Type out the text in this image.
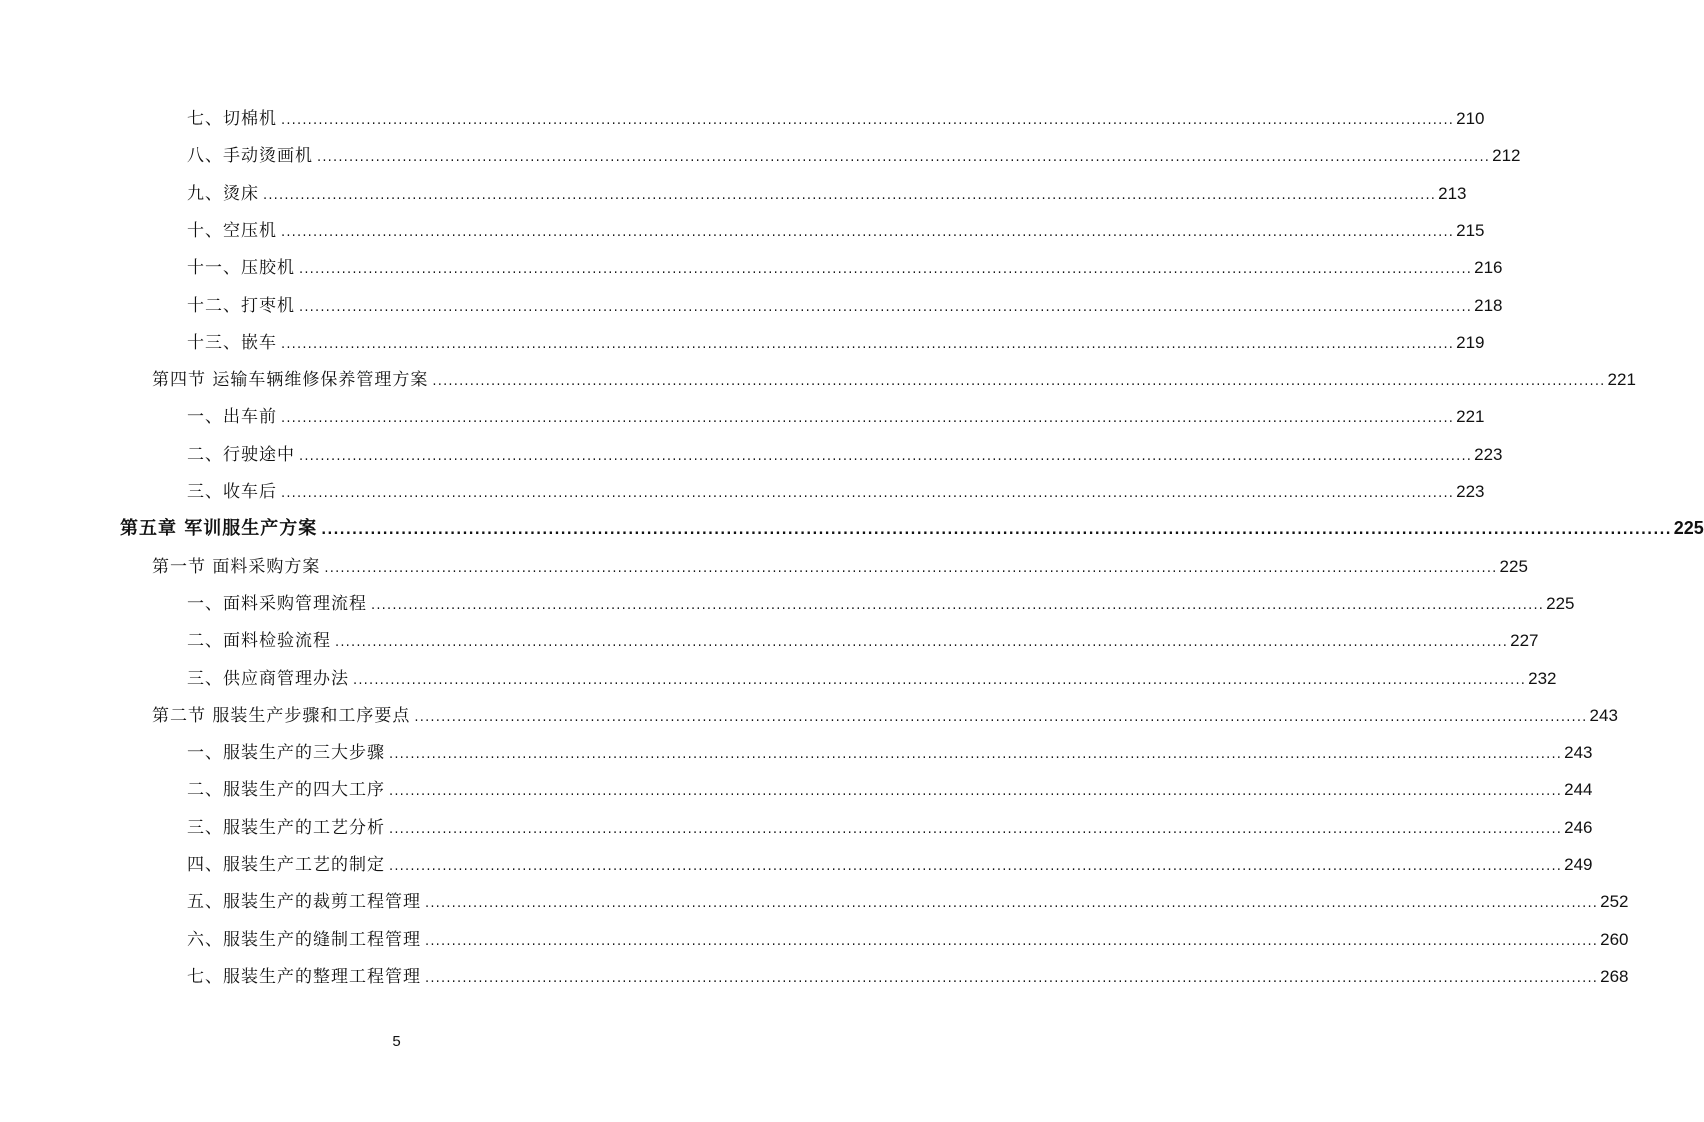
七、切棉机 ............................................................................................................................................................................................................................ 210
八、手动烫画机 ............................................................................................................................................................................................................................ 212
九、烫床 ............................................................................................................................................................................................................................ 213
十、空压机 ............................................................................................................................................................................................................................ 215
十一、压胶机 ............................................................................................................................................................................................................................ 216
十二、打枣机 ............................................................................................................................................................................................................................ 218
十三、嵌车 ............................................................................................................................................................................................................................ 219
第四节 运输车辆维修保养管理方案 ............................................................................................................................................................................................................................ 221
一、出车前 ............................................................................................................................................................................................................................ 221
二、行驶途中 ............................................................................................................................................................................................................................ 223
三、收车后 ............................................................................................................................................................................................................................ 223
第五章 军训服生产方案 ............................................................................................................................................................................................................................ 225
第一节 面料采购方案 ............................................................................................................................................................................................................................ 225
一、面料采购管理流程 ............................................................................................................................................................................................................................ 225
二、面料检验流程 ............................................................................................................................................................................................................................ 227
三、供应商管理办法 ............................................................................................................................................................................................................................ 232
第二节 服装生产步骤和工序要点 ............................................................................................................................................................................................................................ 243
一、服装生产的三大步骤 ............................................................................................................................................................................................................................ 243
二、服装生产的四大工序 ............................................................................................................................................................................................................................ 244
三、服装生产的工艺分析 ............................................................................................................................................................................................................................ 246
四、服装生产工艺的制定 ............................................................................................................................................................................................................................ 249
五、服装生产的裁剪工程管理 ............................................................................................................................................................................................................................ 252
六、服装生产的缝制工程管理 ............................................................................................................................................................................................................................ 260
七、服装生产的整理工程管理 ............................................................................................................................................................................................................................ 268
5
